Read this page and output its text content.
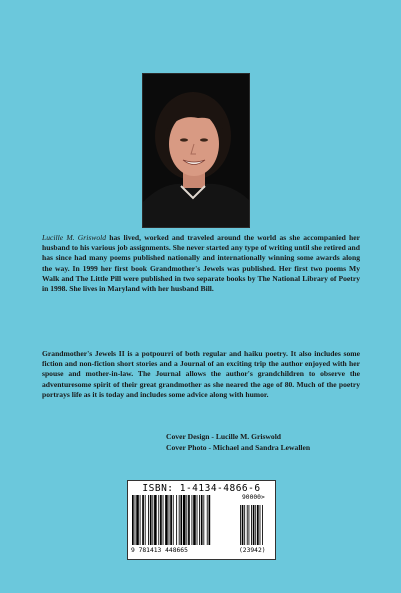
Lucille M. Griswold has lived, worked and traveled around the world as she accompanied her husband to his various job assignments. She never started any type of writing until she retired and has since had many poems published nationally and internationally winning some awards along the way. In 1999 her first book Grandmother's Jewels was published. Her first two poems My Walk and The Little Pill were published in two separate books by The National Library of Poetry in 1998. She lives in Maryland with her husband Bill.

Grandmother's Jewels II is a potpourri of both regular and haiku poetry. It also includes some fiction and non-fiction short stories and a Journal of an exciting trip the author enjoyed with her spouse and mother-in-law. The Journal allows the author's grandchildren to observe the adventuresome spirit of their great grandmother as she neared the age of 80. Much of the poetry portrays life as it is today and includes some advice along with humor.

Cover Design - Lucille M. Griswold
Cover Photo - Michael and Sandra Lewallen
ISBN: 1-4134-4866-6
90000>
9 781413 448665	(23942)
